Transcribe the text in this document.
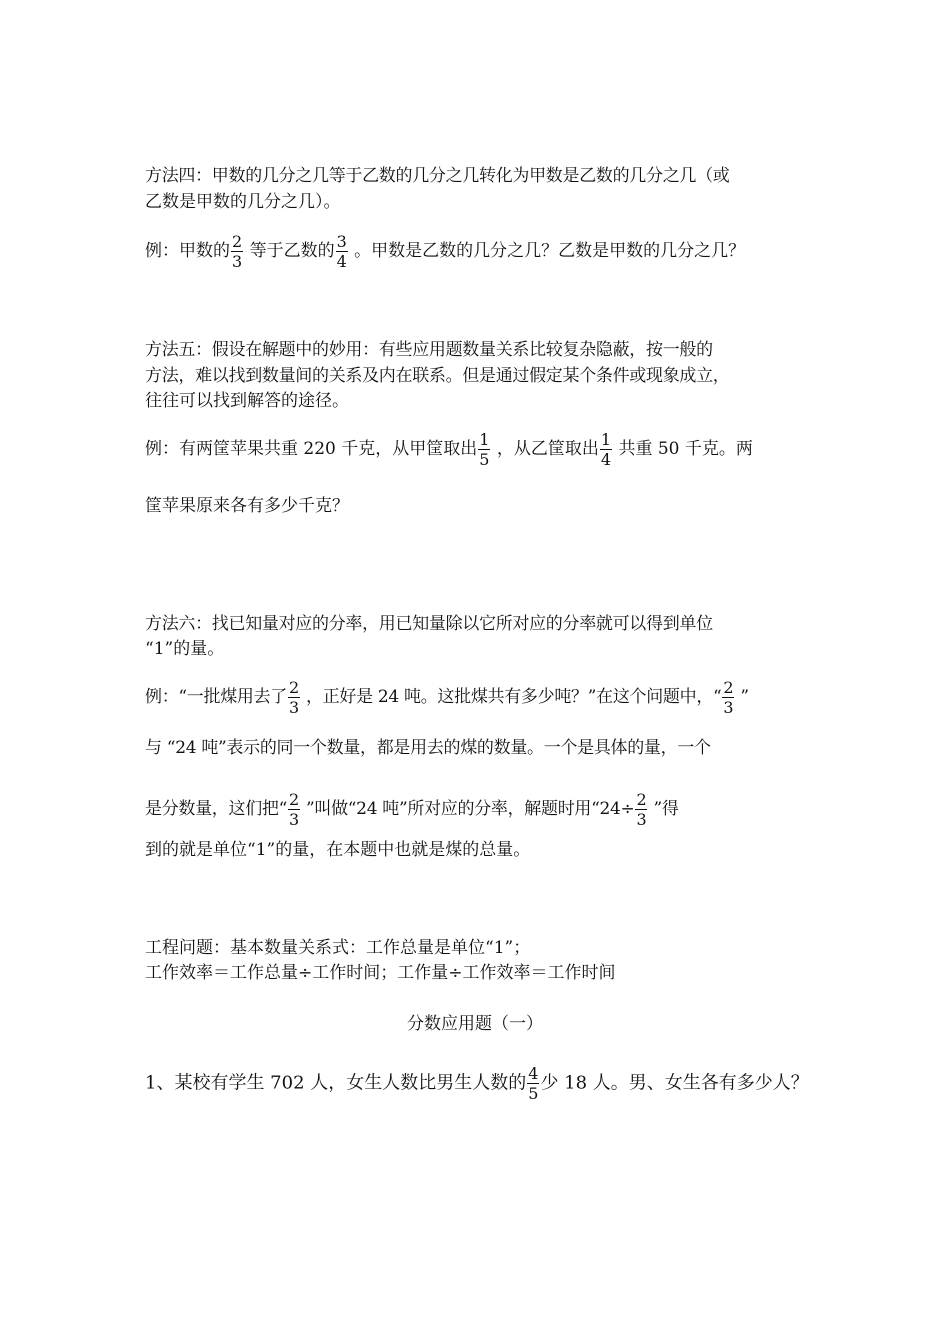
方法四：甲数的几分之几等于乙数的几分之几转化为甲数是乙数的几分之几（或
乙数是甲数的几分之几）。
例：甲数的 $\frac{2}{3}$ 等于乙数的 $\frac{3}{4}$ 。甲数是乙数的几分之几？乙数是甲数的几分之几？
方法五：假设在解题中的妙用：有些应用题数量关系比较复杂隐蔽，按一般的
方法，难以找到数量间的关系及内在联系。但是通过假定某个条件或现象成立，
往往可以找到解答的途径。
例：有两筐苹果共重 220 千克，从甲筐取出 $\frac{1}{5}$ ，从乙筐取出 $\frac{1}{4}$ 共重 50 千克。两
筐苹果原来各有多少千克？
方法六：找已知量对应的分率，用已知量除以它所对应的分率就可以得到单位
“1”的量。
例：“一批煤用去了 $\frac{2}{3}$ ，正好是 24 吨。这批煤共有多少吨？”在这个问题中，“ $\frac{2}{3}$ ”
与 “24 吨”表示的同一个数量，都是用去的煤的数量。一个是具体的量，一个
是分数量，这们把“ $\frac{2}{3}$ ”叫做“24 吨”所对应的分率，解题时用“$24\div \frac{2}{3}$ ”得
到的就是单位“1”的量，在本题中也就是煤的总量。
工程问题：基本数量关系式：工作总量是单位“1”；
工作效率＝工作总量÷工作时间；工作量÷工作效率＝工作时间
分数应用题（一）
1、某校有学生 702 人，女生人数比男生人数的 $\frac{4}{5}$ 少 18 人。男、女生各有多少人？
